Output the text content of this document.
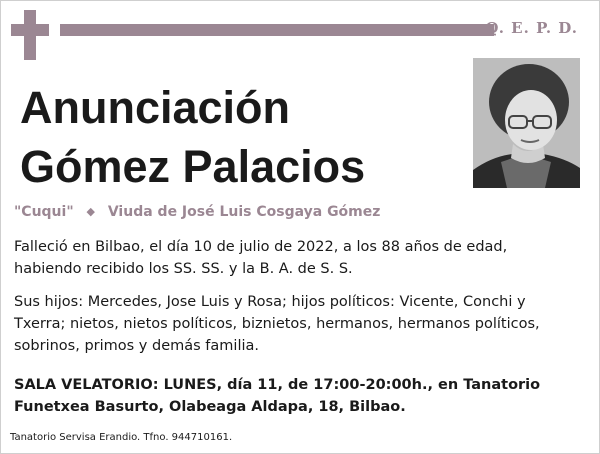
Q. E. P. D.
Anunciación
Gómez Palacios
"Cuqui" ◆ Viuda de José Luis Cosgaya Gómez

Falleció en Bilbao, el día 10 de julio de 2022, a los 88 años de edad, habiendo recibido los SS. SS. y la B. A. de S. S.

Sus hijos: Mercedes, Jose Luis y Rosa; hijos políticos: Vicente, Conchi y Txerra; nietos, nietos políticos, biznietos, hermanos, hermanos políticos, sobrinos, primos y demás familia.

SALA VELATORIO: LUNES, día 11, de 17:00-20:00h., en Tanatorio Funetxea Basurto, Olabeaga Aldapa, 18, Bilbao.

Tanatorio Servisa Erandio. Tfno. 944710161.
